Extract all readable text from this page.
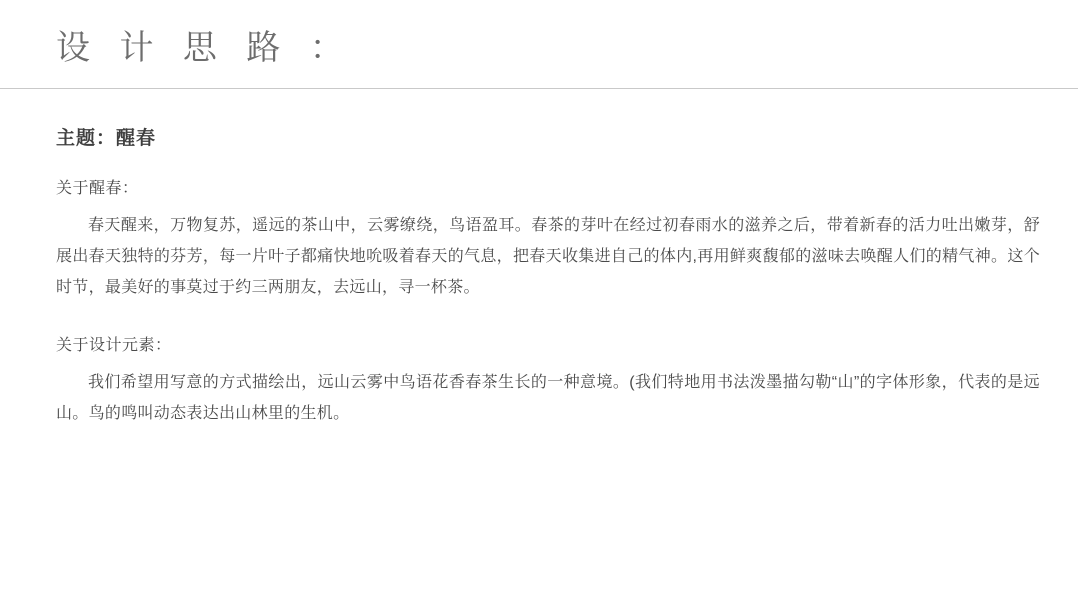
设 计 思 路 ：
主题：醒春
关于醒春：

春天醒来，万物复苏，遥远的茶山中，云雾缭绕，鸟语盈耳。春茶的芽叶在经过初春雨水的滋养之后，带着新春的活力吐出嫩芽，舒展出春天独特的芬芳，每一片叶子都痛快地吮吸着春天的气息，把春天收集进自己的体内,再用鲜爽馥郁的滋味去唤醒人们的精气神。这个时节，最美好的事莫过于约三两朋友，去远山，寻一杯茶。

关于设计元素：

我们希望用写意的方式描绘出，远山云雾中鸟语花香春茶生长的一种意境。(我们特地用书法泼墨描勾勒“山”的字体形象，代表的是远山。鸟的鸣叫动态表达出山林里的生机。
